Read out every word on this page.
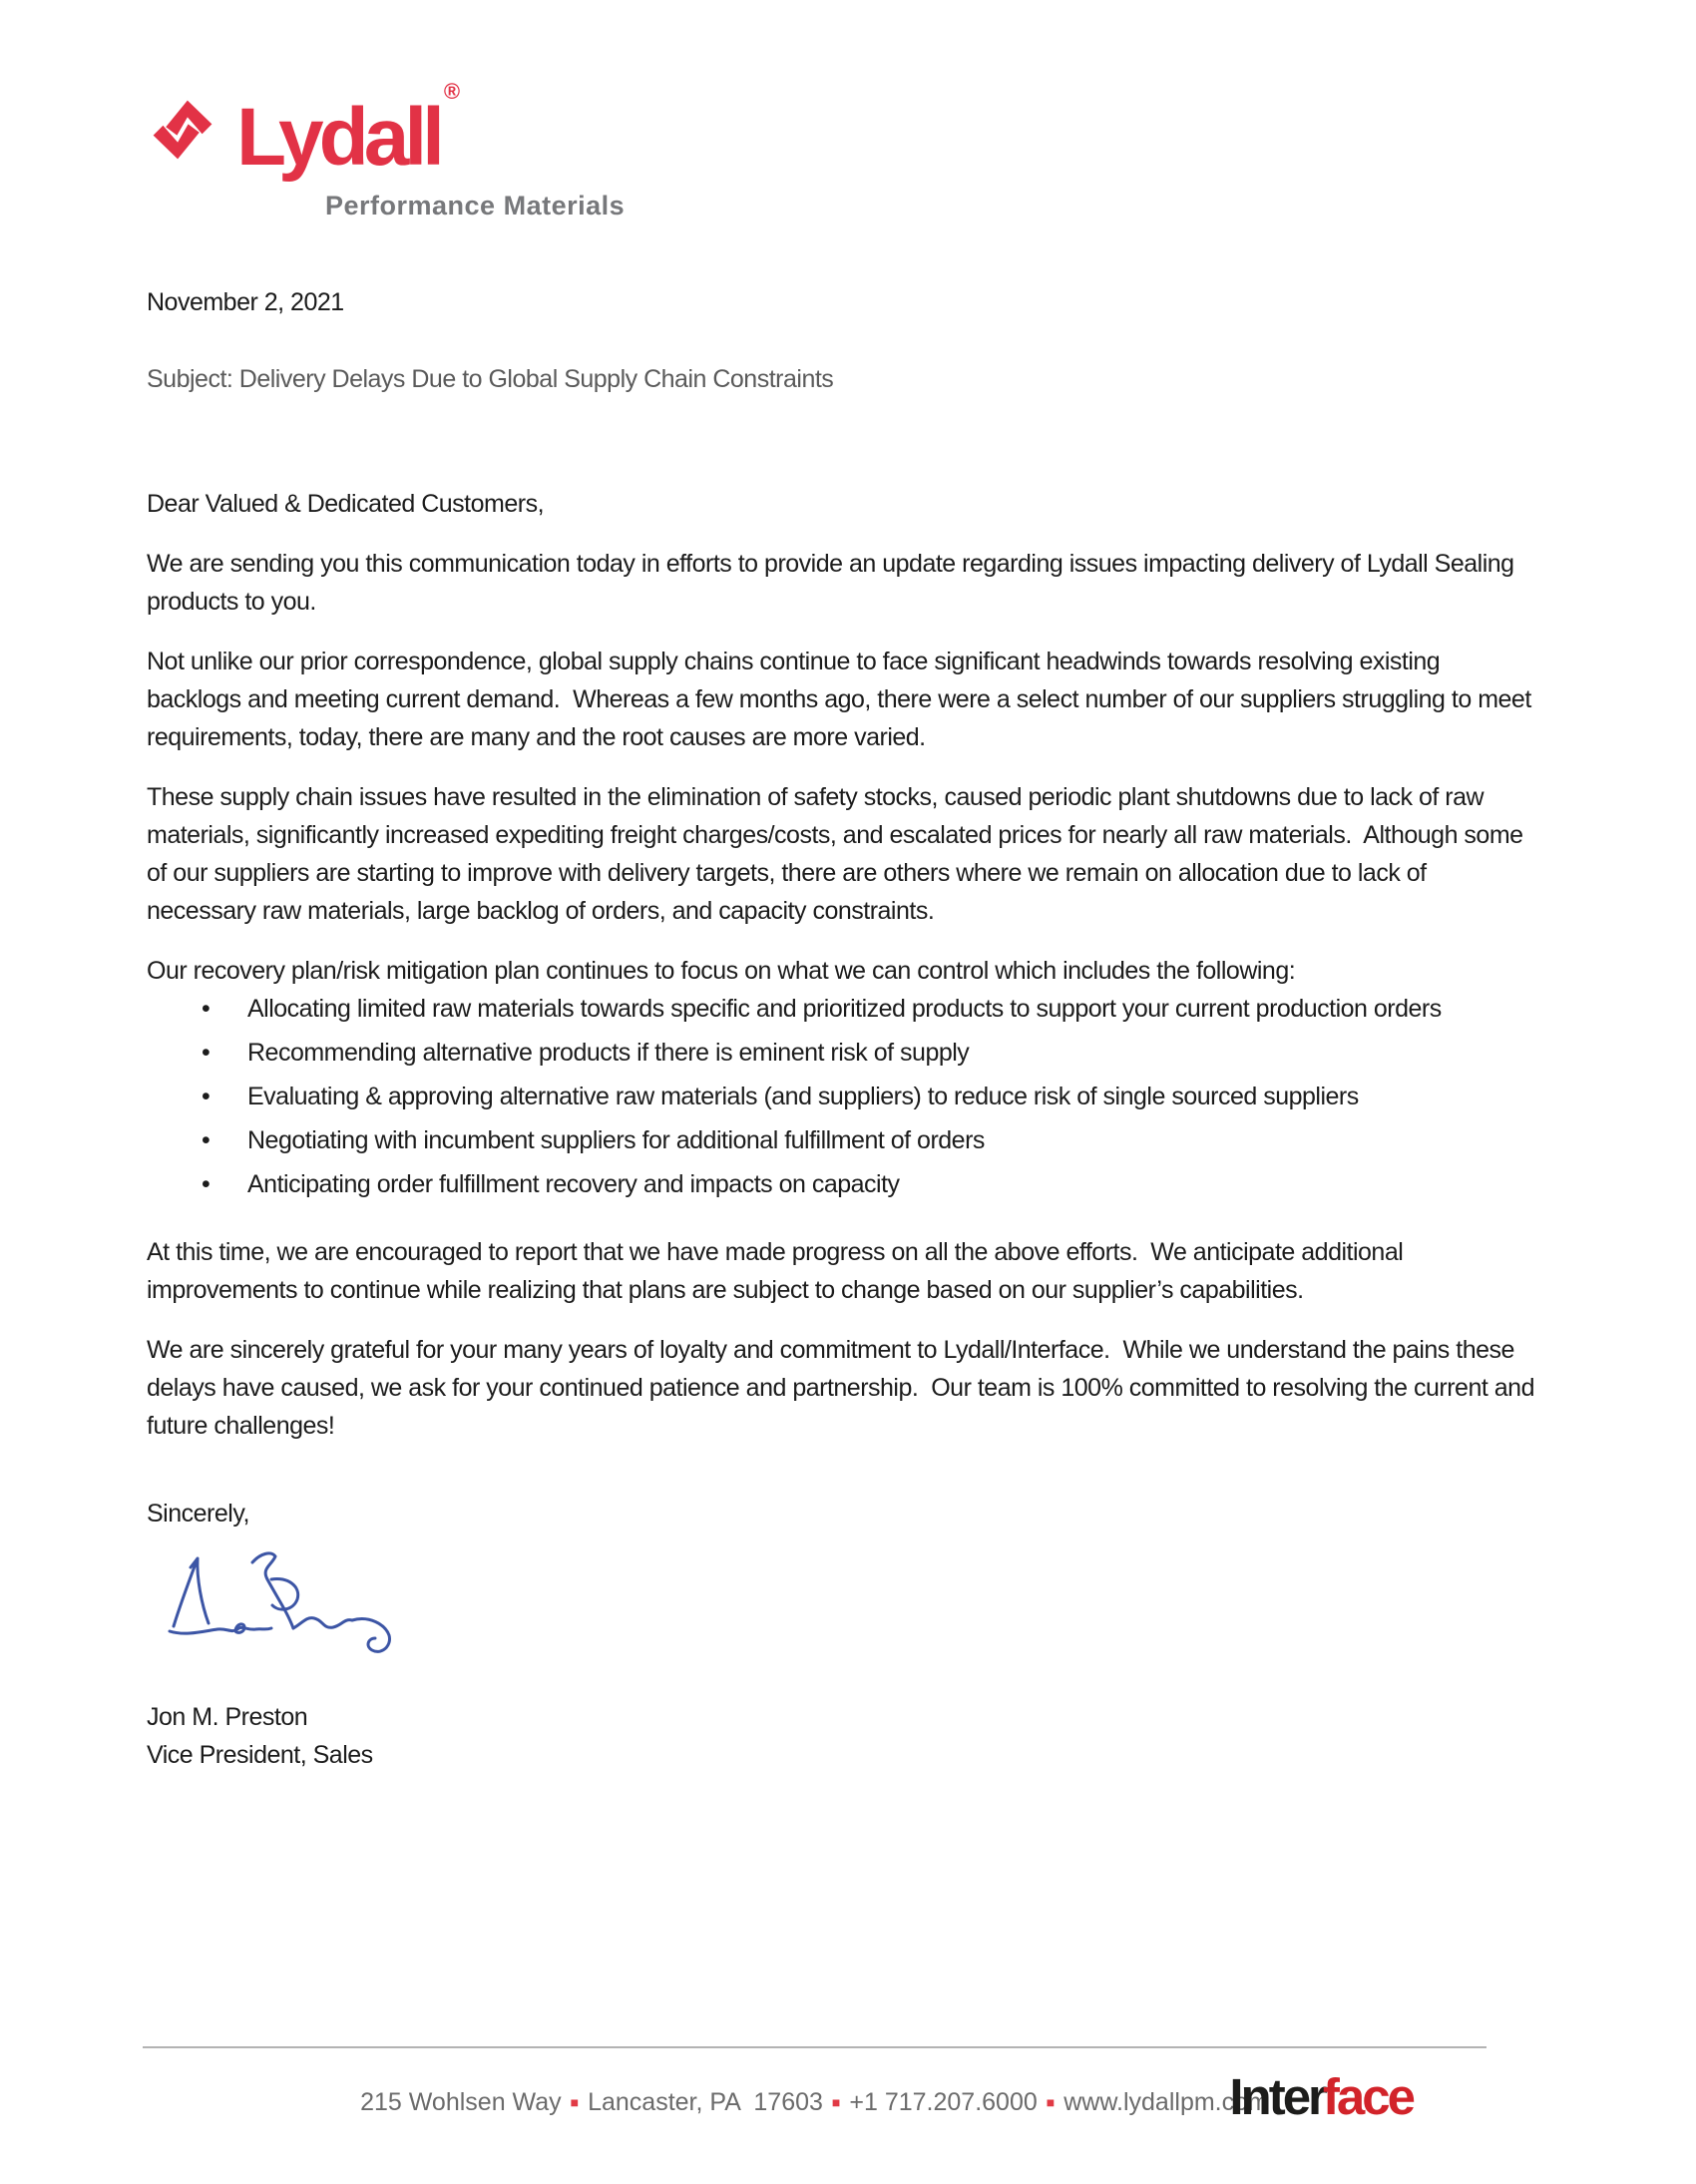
Lydall®
Performance Materials

November 2, 2021

Subject: Delivery Delays Due to Global Supply Chain Constraints

Dear Valued & Dedicated Customers,

We are sending you this communication today in efforts to provide an update regarding issues impacting delivery of Lydall Sealing products to you.

Not unlike our prior correspondence, global supply chains continue to face significant headwinds towards resolving existing backlogs and meeting current demand.  Whereas a few months ago, there were a select number of our suppliers struggling to meet requirements, today, there are many and the root causes are more varied.

These supply chain issues have resulted in the elimination of safety stocks, caused periodic plant shutdowns due to lack of raw materials, significantly increased expediting freight charges/costs, and escalated prices for nearly all raw materials.  Although some of our suppliers are starting to improve with delivery targets, there are others where we remain on allocation due to lack of necessary raw materials, large backlog of orders, and capacity constraints.

Our recovery plan/risk mitigation plan continues to focus on what we can control which includes the following:

• Allocating limited raw materials towards specific and prioritized products to support your current production orders
• Recommending alternative products if there is eminent risk of supply
• Evaluating & approving alternative raw materials (and suppliers) to reduce risk of single sourced suppliers
• Negotiating with incumbent suppliers for additional fulfillment of orders
• Anticipating order fulfillment recovery and impacts on capacity

At this time, we are encouraged to report that we have made progress on all the above efforts.  We anticipate additional improvements to continue while realizing that plans are subject to change based on our supplier’s capabilities.

We are sincerely grateful for your many years of loyalty and commitment to Lydall/Interface.  While we understand the pains these delays have caused, we ask for your continued patience and partnership.  Our team is 100% committed to resolving the current and future challenges!

Sincerely,

Jon M. Preston

Vice President, Sales

Interface
215 Wohlsen Way ■ Lancaster, PA  17603 ■ +1 717.207.6000 ■ www.lydallpm.com
